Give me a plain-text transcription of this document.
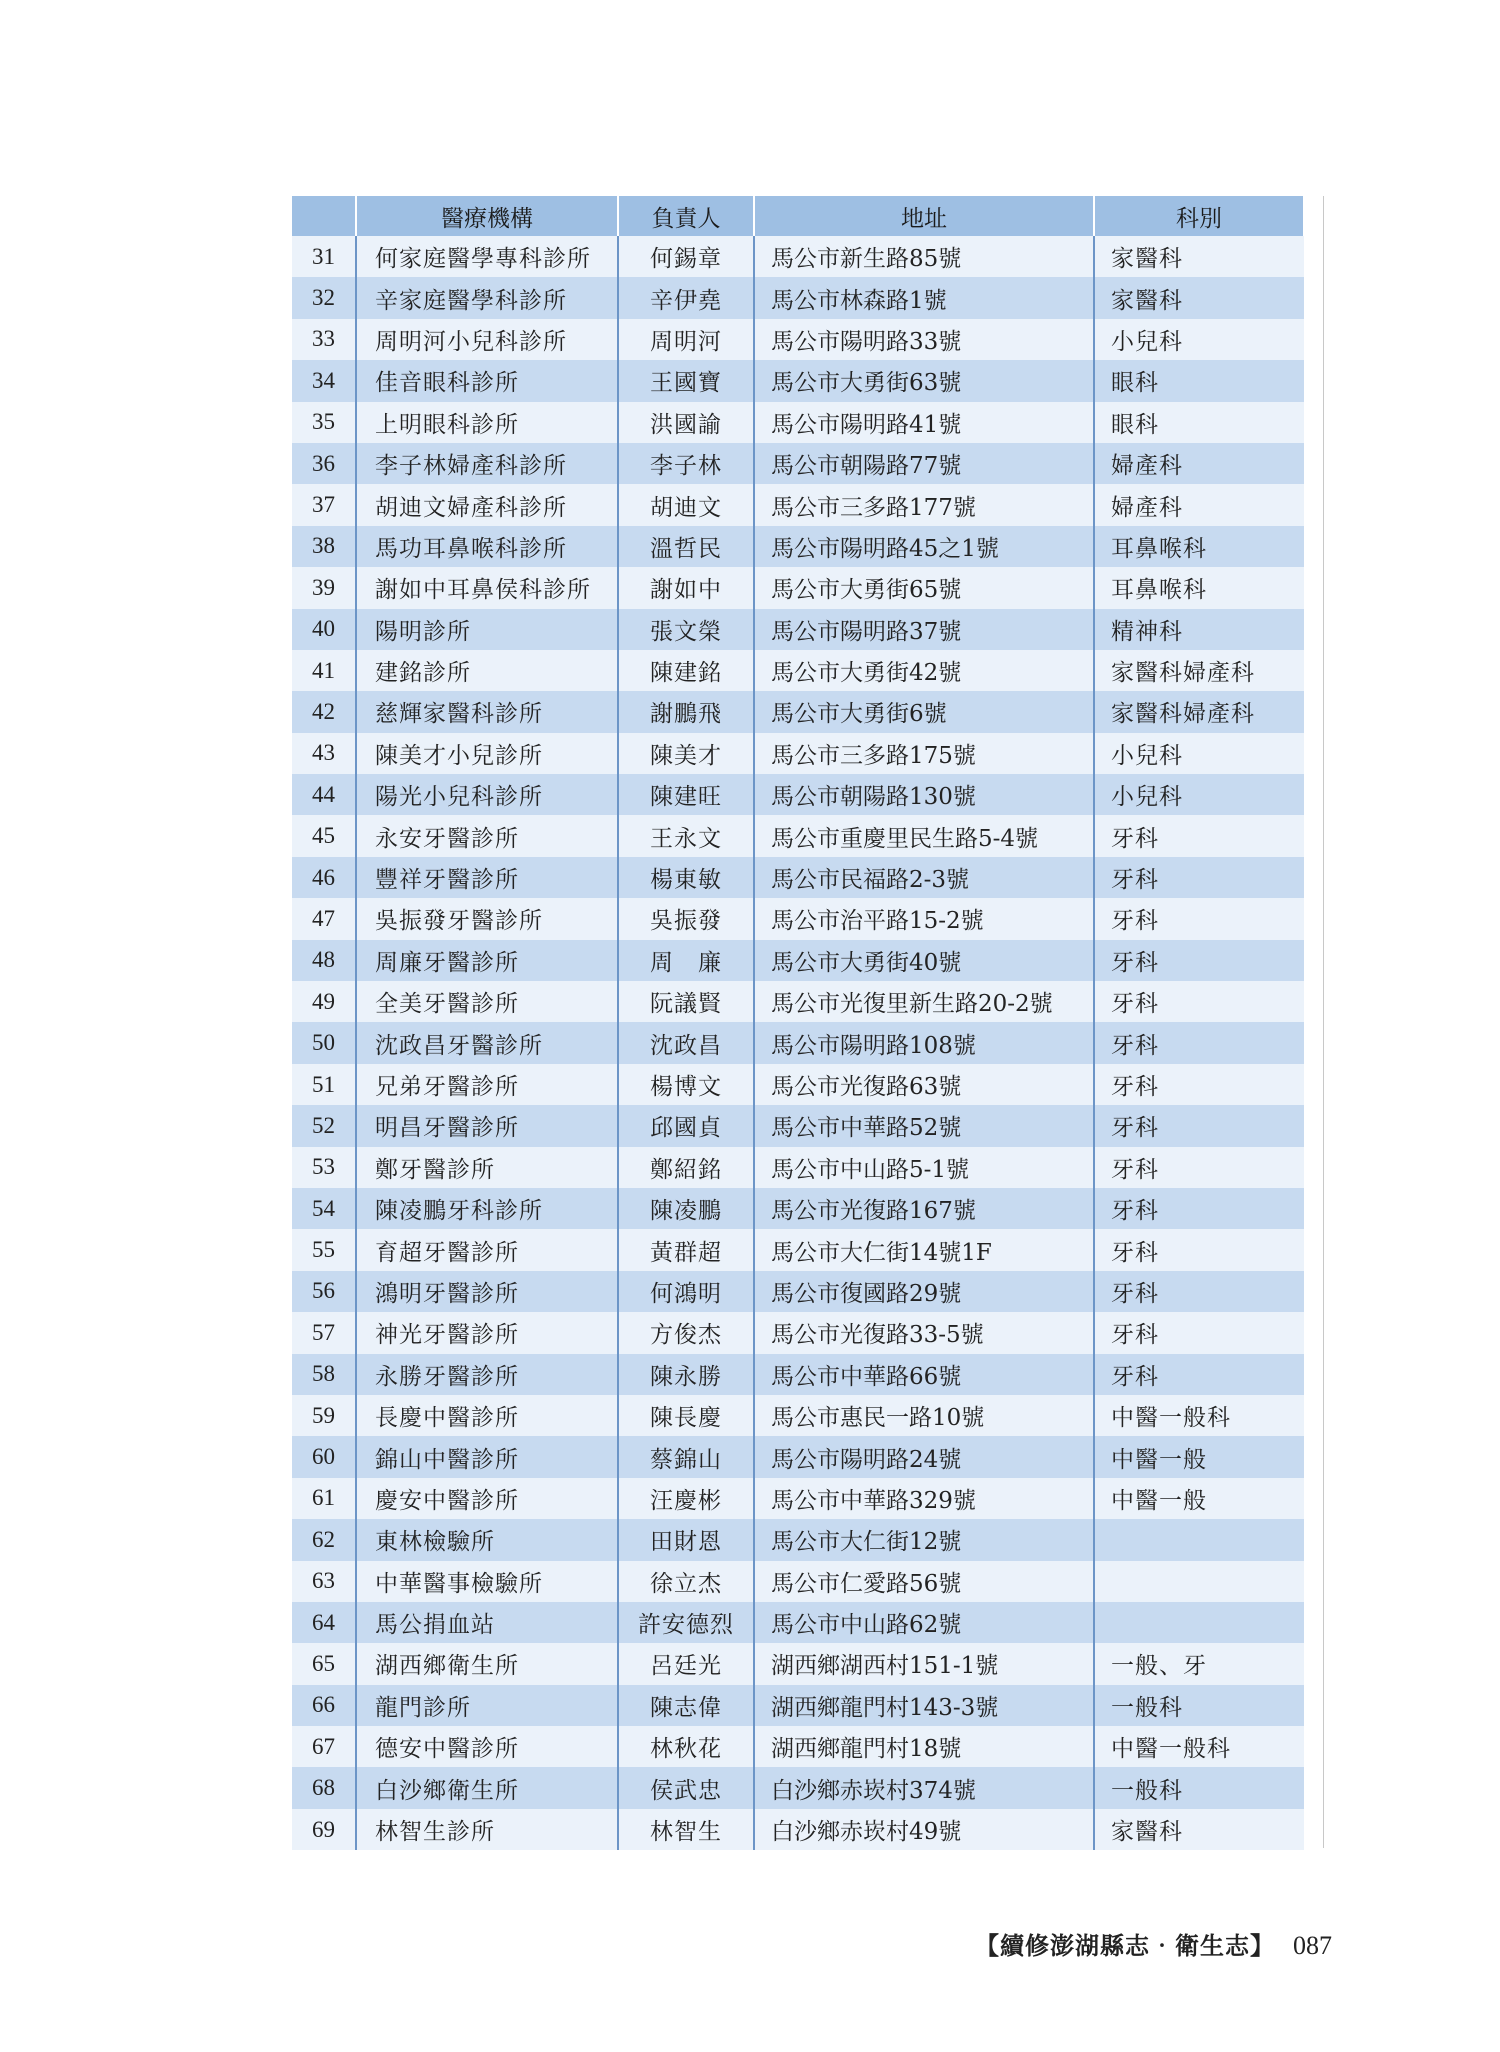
	醫療機構	負責人	地址	科別
31	何家庭醫學專科診所	何錫章	馬公市新生路85號	家醫科
32	辛家庭醫學科診所	辛伊堯	馬公市林森路1號	家醫科
33	周明河小兒科診所	周明河	馬公市陽明路33號	小兒科
34	佳音眼科診所	王國寶	馬公市大勇街63號	眼科
35	上明眼科診所	洪國諭	馬公市陽明路41號	眼科
36	李子林婦產科診所	李子林	馬公市朝陽路77號	婦產科
37	胡迪文婦產科診所	胡迪文	馬公市三多路177號	婦產科
38	馬功耳鼻喉科診所	溫哲民	馬公市陽明路45之1號	耳鼻喉科
39	謝如中耳鼻侯科診所	謝如中	馬公市大勇街65號	耳鼻喉科
40	陽明診所	張文榮	馬公市陽明路37號	精神科
41	建銘診所	陳建銘	馬公市大勇街42號	家醫科婦產科
42	慈輝家醫科診所	謝鵬飛	馬公市大勇街6號	家醫科婦產科
43	陳美才小兒診所	陳美才	馬公市三多路175號	小兒科
44	陽光小兒科診所	陳建旺	馬公市朝陽路130號	小兒科
45	永安牙醫診所	王永文	馬公市重慶里民生路5-4號	牙科
46	豐祥牙醫診所	楊東敏	馬公市民福路2-3號	牙科
47	吳振發牙醫診所	吳振發	馬公市治平路15-2號	牙科
48	周廉牙醫診所	周　廉	馬公市大勇街40號	牙科
49	全美牙醫診所	阮議賢	馬公市光復里新生路20-2號	牙科
50	沈政昌牙醫診所	沈政昌	馬公市陽明路108號	牙科
51	兄弟牙醫診所	楊博文	馬公市光復路63號	牙科
52	明昌牙醫診所	邱國貞	馬公市中華路52號	牙科
53	鄭牙醫診所	鄭紹銘	馬公市中山路5-1號	牙科
54	陳凌鵬牙科診所	陳凌鵬	馬公市光復路167號	牙科
55	育超牙醫診所	黃群超	馬公市大仁街14號1F	牙科
56	鴻明牙醫診所	何鴻明	馬公市復國路29號	牙科
57	神光牙醫診所	方俊杰	馬公市光復路33-5號	牙科
58	永勝牙醫診所	陳永勝	馬公市中華路66號	牙科
59	長慶中醫診所	陳長慶	馬公市惠民一路10號	中醫一般科
60	錦山中醫診所	蔡錦山	馬公市陽明路24號	中醫一般
61	慶安中醫診所	汪慶彬	馬公市中華路329號	中醫一般
62	東林檢驗所	田財恩	馬公市大仁街12號	
63	中華醫事檢驗所	徐立杰	馬公市仁愛路56號	
64	馬公捐血站	許安德烈	馬公市中山路62號	
65	湖西鄉衛生所	呂廷光	湖西鄉湖西村151-1號	一般、牙
66	龍門診所	陳志偉	湖西鄉龍門村143-3號	一般科
67	德安中醫診所	林秋花	湖西鄉龍門村18號	中醫一般科
68	白沙鄉衛生所	侯武忠	白沙鄉赤崁村374號	一般科
69	林智生診所	林智生	白沙鄉赤崁村49號	家醫科
【續修澎湖縣志‧衛生志】 087
